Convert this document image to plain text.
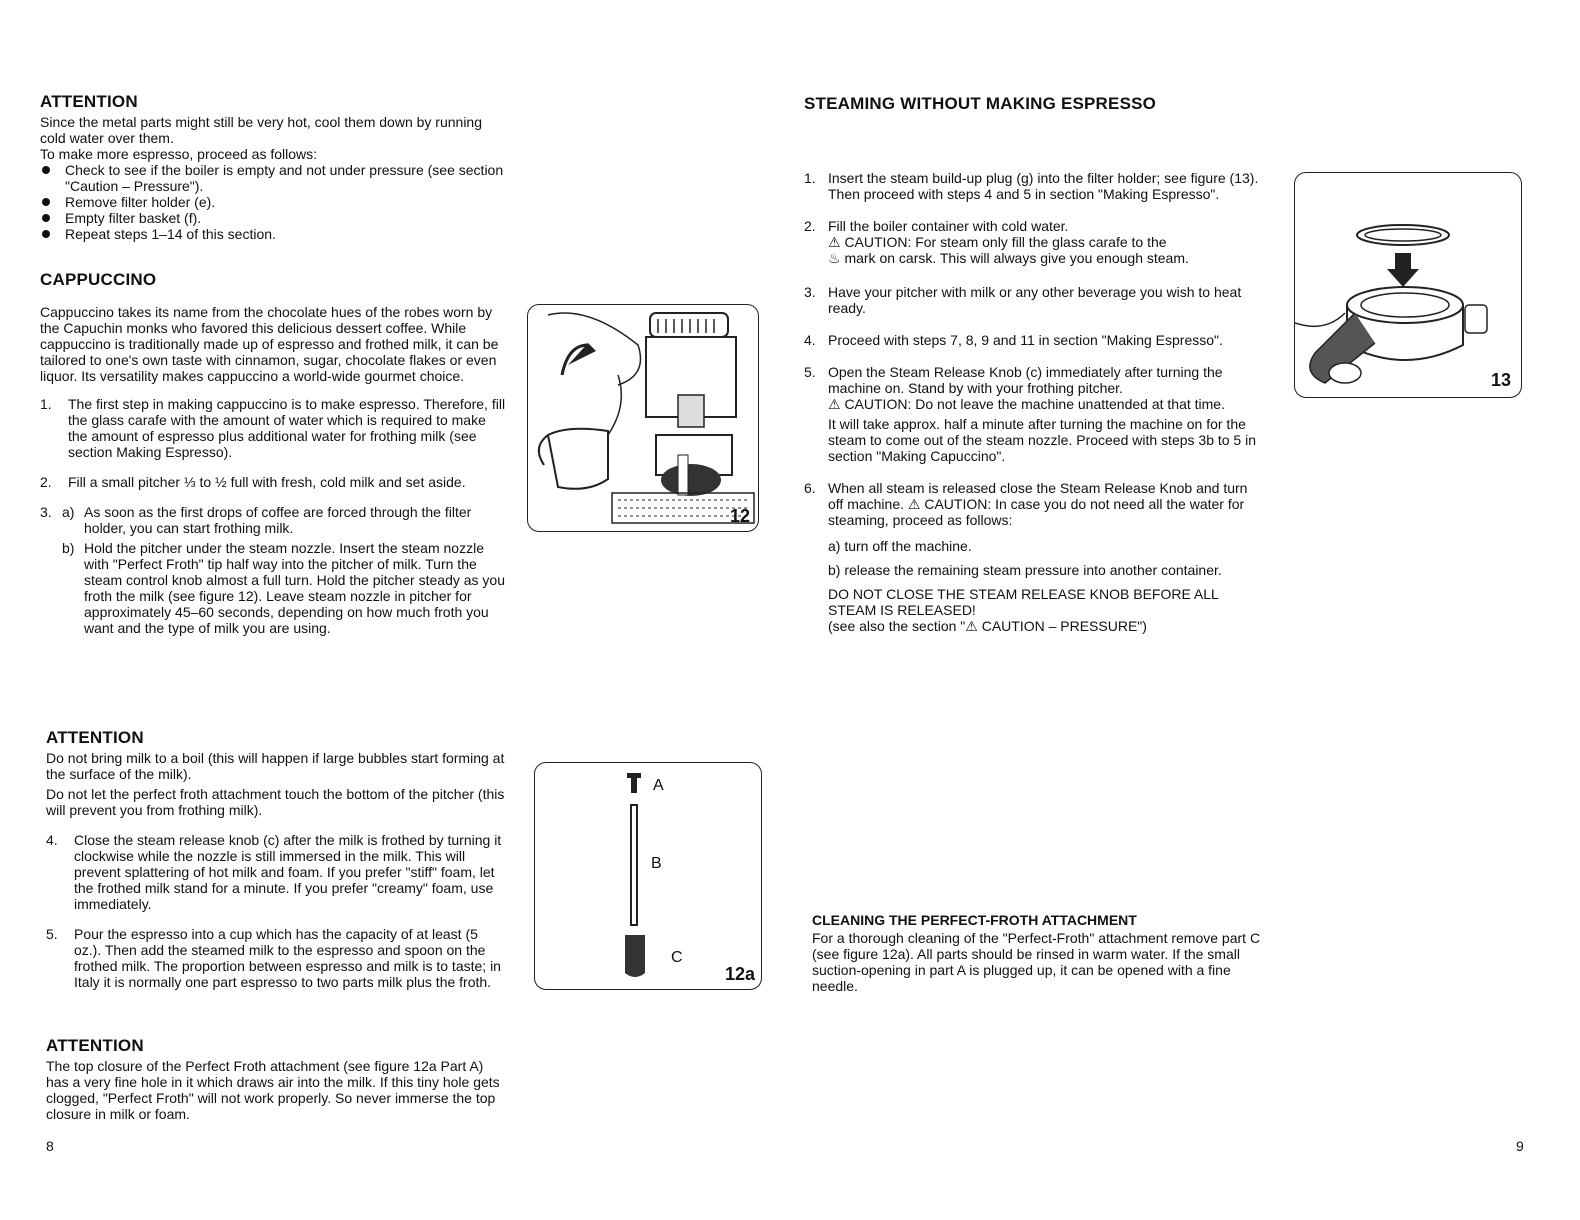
ATTENTION

Since the metal parts might still be very hot, cool them down by running cold water over them.

To make more espresso, proceed as follows:

Check to see if the boiler is empty and not under pressure (see section "Caution – Pressure").
Remove filter holder (e).
Empty filter basket (f).
Repeat steps 1–14 of this section.
CAPPUCCINO

Cappuccino takes its name from the chocolate hues of the robes worn by the Capuchin monks who favored this delicious dessert coffee. While cappuccino is traditionally made up of espresso and frothed milk, it can be tailored to one's own taste with cinnamon, sugar, chocolate flakes or even liquor. Its versatility makes cappuccino a world-wide gourmet choice.

1. The first step in making cappuccino is to make espresso. Therefore, fill the glass carafe with the amount of water which is required to make the amount of espresso plus additional water for frothing milk (see section Making Espresso).
2. Fill a small pitcher ⅓ to ½ full with fresh, cold milk and set aside.
3. a) As soon as the first drops of coffee are forced through the filter holder, you can start frothing milk.
b) Hold the pitcher under the steam nozzle. Insert the steam nozzle with "Perfect Froth" tip half way into the pitcher of milk. Turn the steam control knob almost a full turn. Hold the pitcher steady as you froth the milk (see figure 12). Leave steam nozzle in pitcher for approximately 45–60 seconds, depending on how much froth you want and the type of milk you are using.
ATTENTION

Do not bring milk to a boil (this will happen if large bubbles start forming at the surface of the milk).

Do not let the perfect froth attachment touch the bottom of the pitcher (this will prevent you from frothing milk).

4. Close the steam release knob (c) after the milk is frothed by turning it clockwise while the nozzle is still immersed in the milk. This will prevent splattering of hot milk and foam. If you prefer "stiff" foam, let the frothed milk stand for a minute. If you prefer "creamy" foam, use immediately.
5. Pour the espresso into a cup which has the capacity of at least (5 oz.). Then add the steamed milk to the espresso and spoon on the frothed milk. The proportion between espresso and milk is to taste; in Italy it is normally one part espresso to two parts milk plus the froth.
ATTENTION

The top closure of the Perfect Froth attachment (see figure 12a Part A) has a very fine hole in it which draws air into the milk. If this tiny hole gets clogged, "Perfect Froth" will not work properly. So never immerse the top closure in milk or foam.

8
12
A
B
C
12a
STEAMING WITHOUT MAKING ESPRESSO
1. Insert the steam build-up plug (g) into the filter holder; see figure (13). Then proceed with steps 4 and 5 in section "Making Espresso".
2. Fill the boiler container with cold water.
⚠ CAUTION: For steam only fill the glass carafe to the
♨ mark on carsk. This will always give you enough steam.
3. Have your pitcher with milk or any other beverage you wish to heat ready.
4. Proceed with steps 7, 8, 9 and 11 in section "Making Espresso".
5. Open the Steam Release Knob (c) immediately after turning the machine on. Stand by with your frothing pitcher.
⚠ CAUTION: Do not leave the machine unattended at that time.
It will take approx. half a minute after turning the machine on for the steam to come out of the steam nozzle. Proceed with steps 3b to 5 in section "Making Capuccino".
6. When all steam is released close the Steam Release Knob and turn off machine. ⚠ CAUTION: In case you do not need all the water for steaming, proceed as follows:
a) turn off the machine.
b) release the remaining steam pressure into another container.
DO NOT CLOSE THE STEAM RELEASE KNOB BEFORE ALL STEAM IS RELEASED!
(see also the section "⚠ CAUTION – PRESSURE")
CLEANING THE PERFECT-FROTH ATTACHMENT

For a thorough cleaning of the "Perfect-Froth" attachment remove part C (see figure 12a). All parts should be rinsed in warm water. If the small suction-opening in part A is plugged up, it can be opened with a fine needle.

13
9
